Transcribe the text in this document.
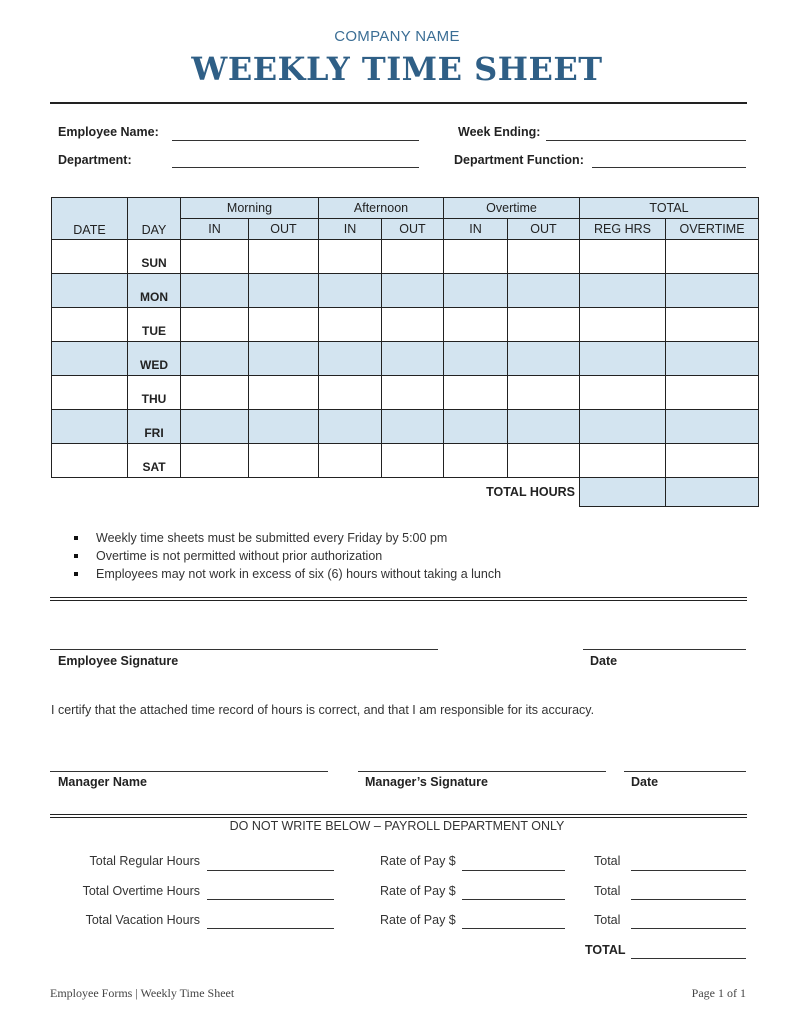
COMPANY NAME
WEEKLY TIME SHEET
Employee Name:	Week Ending:
Department:	Department Function:
DATE	DAY	Morning		Afternoon		Overtime		TOTAL	
		IN	OUT	IN	OUT	IN	OUT	REG HRS	OVERTIME
	SUN								
	MON								
	TUE								
	WED								
	THU								
	FRI								
	SAT								
TOTAL HOURS									
Weekly time sheets must be submitted every Friday by 5:00 pm
Overtime is not permitted without prior authorization
Employees may not work in excess of six (6) hours without taking a lunch
Employee Signature	Date
I certify that the attached time record of hours is correct, and that I am responsible for its accuracy.
Manager Name	Manager’s Signature	Date
DO NOT WRITE BELOW – PAYROLL DEPARTMENT ONLY
Total Regular Hours	Rate of Pay $	Total
Total Overtime Hours	Rate of Pay $	Total
Total Vacation Hours	Rate of Pay $	Total
TOTAL
Employee Forms | Weekly Time Sheet	Page 1 of 1
